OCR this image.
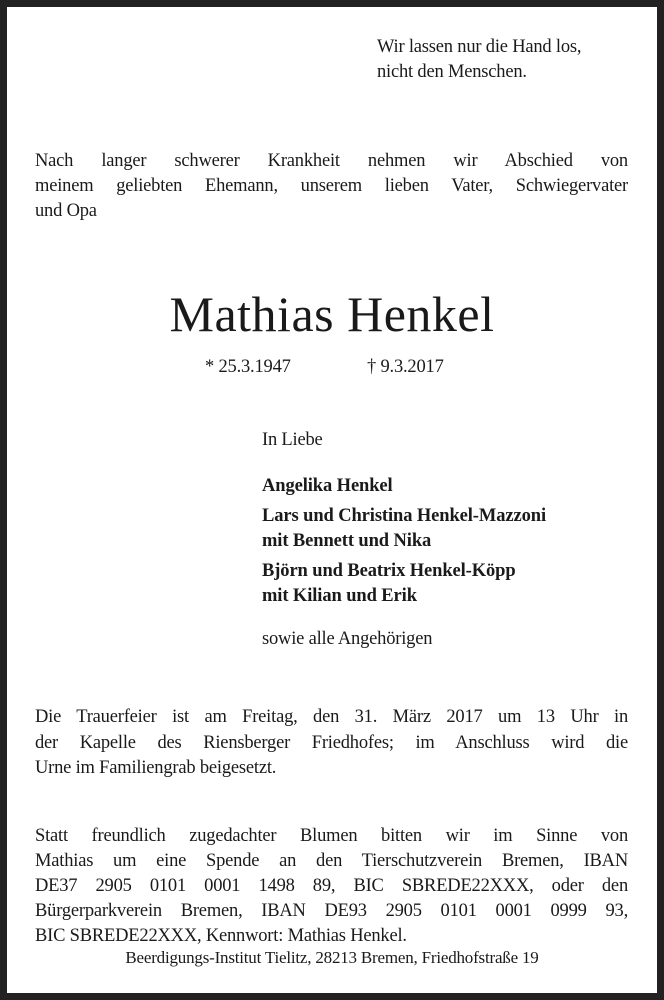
Wir lassen nur die Hand los,
nicht den Menschen.
Nach langer schwerer Krankheit nehmen wir Abschied von
meinem geliebten Ehemann, unserem lieben Vater, Schwiegervater
und Opa
Mathias Henkel
* 25.3.1947	† 9.3.2017
In Liebe
Angelika Henkel
Lars und Christina Henkel-Mazzoni
mit Bennett und Nika
Björn und Beatrix Henkel-Köpp
mit Kilian und Erik
sowie alle Angehörigen
Die Trauerfeier ist am Freitag, den 31. März 2017 um 13 Uhr in
der Kapelle des Riensberger Friedhofes; im Anschluss wird die
Urne im Familiengrab beigesetzt.
Statt freundlich zugedachter Blumen bitten wir im Sinne von
Mathias um eine Spende an den Tierschutzverein Bremen, IBAN
DE37 2905 0101 0001 1498 89, BIC SBREDE22XXX, oder den
Bürgerparkverein Bremen, IBAN DE93 2905 0101 0001 0999 93,
BIC SBREDE22XXX, Kennwort: Mathias Henkel.
Beerdigungs-Institut Tielitz, 28213 Bremen, Friedhofstraße 19
